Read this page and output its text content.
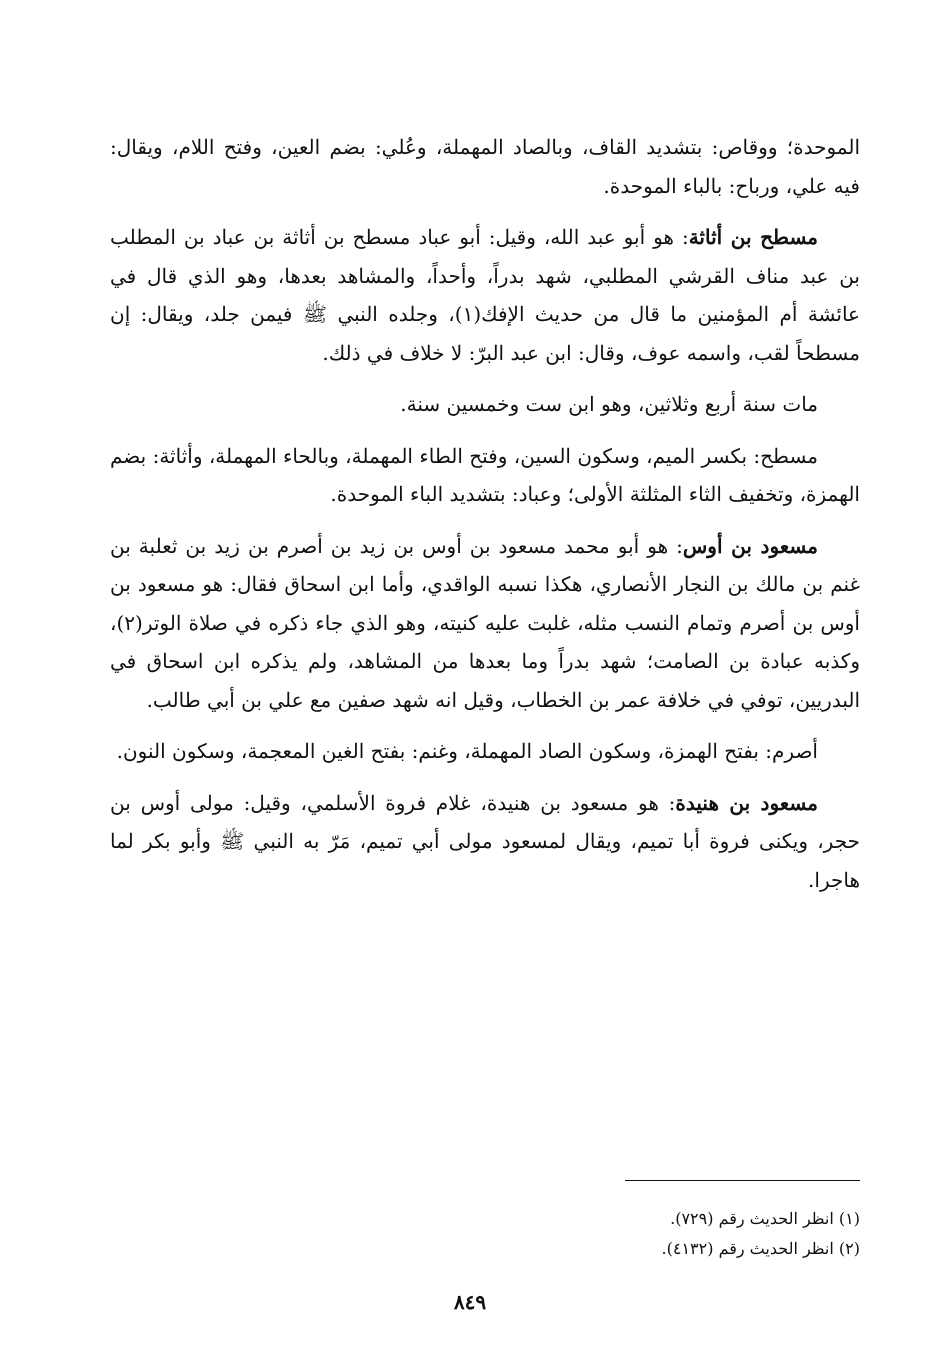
الموحدة؛ ووقاص: بتشديد القاف، وبالصاد المهملة، وعُلي: بضم العين، وفتح اللام، ويقال: فيه علي، ورباح: بالباء الموحدة.

مسطح بن أثاثة: هو أبو عبد الله، وقيل: أبو عباد مسطح بن أثاثة بن عباد بن المطلب بن عبد مناف القرشي المطلبي، شهد بدراً، وأحداً، والمشاهد بعدها، وهو الذي قال في عائشة أم المؤمنين ما قال من حديث الإفك(١)، وجلده النبي ﷺ فيمن جلد، ويقال: إن مسطحاً لقب، واسمه عوف، وقال: ابن عبد البرّ: لا خلاف في ذلك.

مات سنة أربع وثلاثين، وهو ابن ست وخمسين سنة.

مسطح: بكسر الميم، وسكون السين، وفتح الطاء المهملة، وبالحاء المهملة، وأثاثة: بضم الهمزة، وتخفيف الثاء المثلثة الأولى؛ وعباد: بتشديد الباء الموحدة.

مسعود بن أوس: هو أبو محمد مسعود بن أوس بن زيد بن أصرم بن زيد بن ثعلبة بن غنم بن مالك بن النجار الأنصاري، هكذا نسبه الواقدي، وأما ابن اسحاق فقال: هو مسعود بن أوس بن أصرم وتمام النسب مثله، غلبت عليه كنيته، وهو الذي جاء ذكره في صلاة الوتر(٢)، وكذبه عبادة بن الصامت؛ شهد بدراً وما بعدها من المشاهد، ولم يذكره ابن اسحاق في البدريين، توفي في خلافة عمر بن الخطاب، وقيل انه شهد صفين مع علي بن أبي طالب.

أصرم: بفتح الهمزة، وسكون الصاد المهملة، وغنم: بفتح الغين المعجمة، وسكون النون.

مسعود بن هنيدة: هو مسعود بن هنيدة، غلام فروة الأسلمي، وقيل: مولى أوس بن حجر، ويكنى فروة أبا تميم، ويقال لمسعود مولى أبي تميم، مَرّ به النبي ﷺ وأبو بكر لما هاجرا.

(١) انظر الحديث رقم (٧٢٩).
(٢) انظر الحديث رقم (٤١٣٢).
٨٤٩
